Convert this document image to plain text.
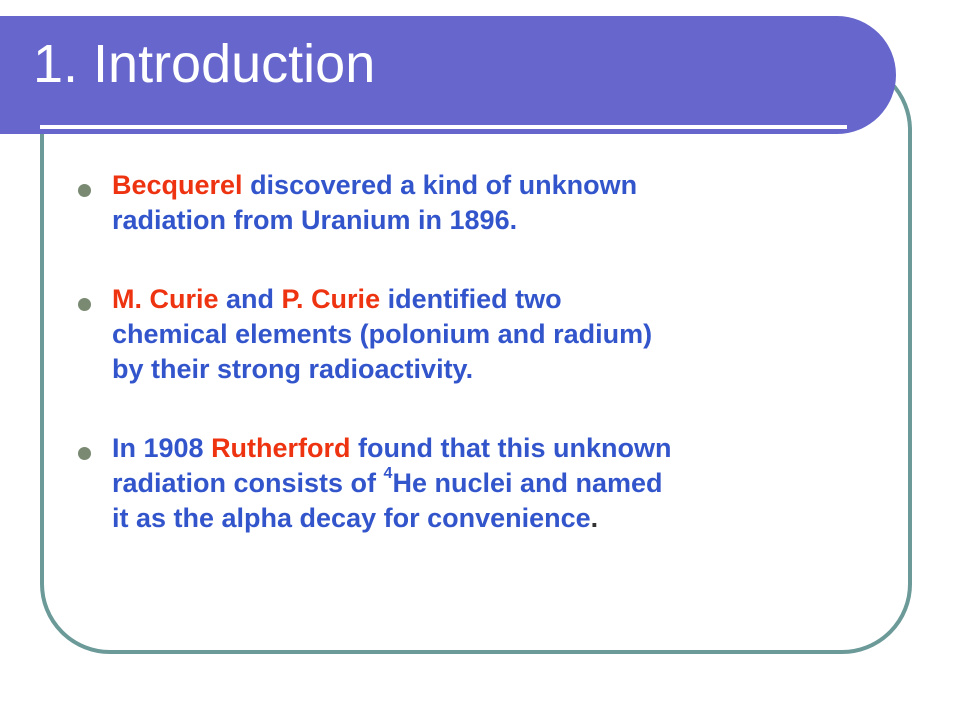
1. Introduction

Becquerel discovered a kind of unknown

radiation from Uranium in 1896.

M. Curie and P. Curie identified two

chemical elements (polonium and radium)

by their strong radioactivity.

In 1908 Rutherford found that this unknown

radiation consists of $^4$He nuclei and named

it as the alpha decay for convenience.
